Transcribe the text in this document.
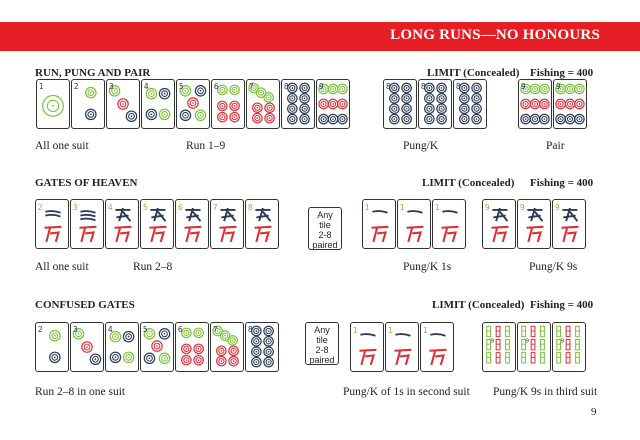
LONG RUNS—NO HONOURS
RUN, PUNG AND PAIR	LIMIT (Concealed) Fishing = 400
1	2	3	4	5	6	7	8	9	8	8	8	9	9
All one suit	Run 1–9	Pung/K	Pair
GATES OF HEAVEN	LIMIT (Concealed) Fishing = 400
2	3	4	5	6	7	8
Any
tile
2-8
paired
1	1	1	9	9	9
All one suit	Run 2–8	Pung/K 1s	Pung/K 9s
CONFUSED GATES	LIMIT (Concealed) Fishing = 400
2	3	4	5	6	7	8	Any
tile
2-8
paired
1	1	1
9	9	9
Run 2–8 in one suit	Pung/K of 1s in second suit Pung/K 9s in third suit
9
